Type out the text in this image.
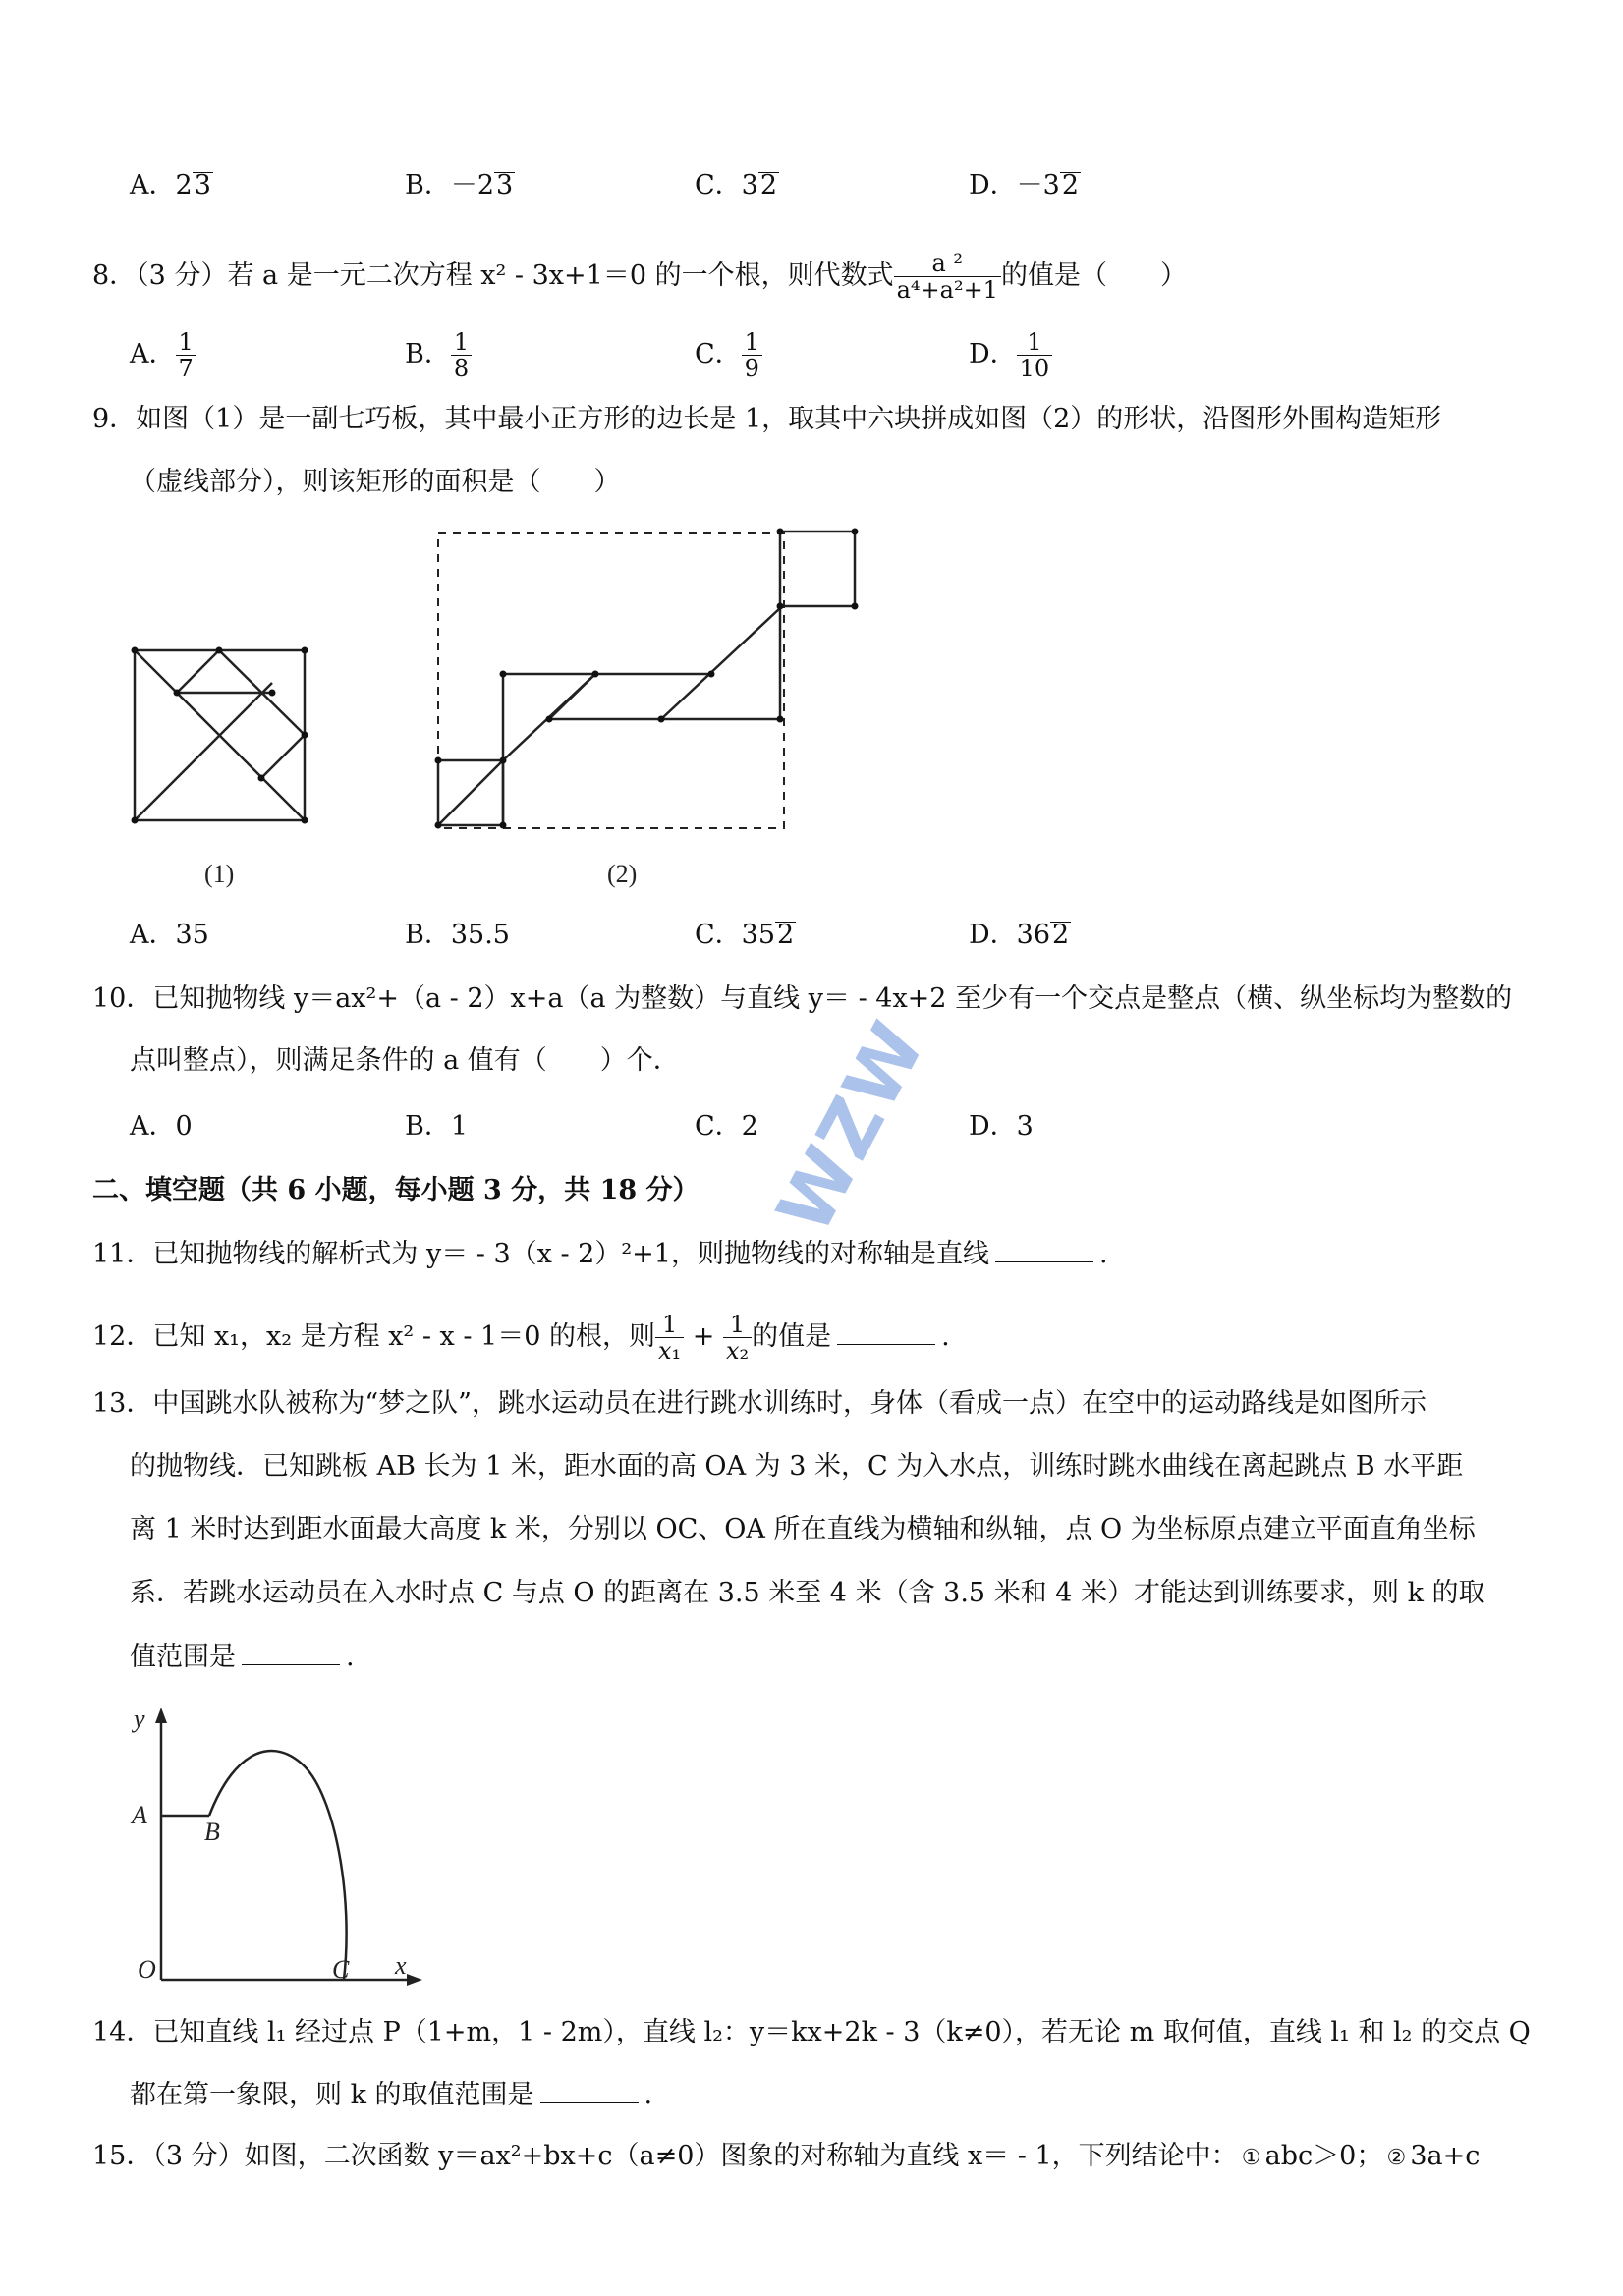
A．23	B．－23	C．32	D．－32
8．（3 分）若 a 是一元二次方程 x² - 3x+1＝0 的一个根，则代数式 $\frac{\text{a ²}}{\text{a⁴+a²+1}}$ 的值是（　　）
A． $\frac{1}{7}$	B． $\frac{1}{8}$	C． $\frac{1}{9}$	D． $\frac{1}{10}$
9．如图（1）是一副七巧板，其中最小正方形的边长是 1，取其中六块拼成如图（2）的形状，沿图形外围构造矩形
（虚线部分），则该矩形的面积是（　　）
(1)	(2)
A．35	B．35.5	C．352	D．362
10．已知抛物线 y＝ax²+（a - 2）x+a（a 为整数）与直线 y＝ - 4x+2 至少有一个交点是整点（横、纵坐标均为整数的
点叫整点），则满足条件的 a 值有（　　）个．
A．0	B．1	C．2	D．3
WZW
二、填空题（共 6 小题，每小题 3 分，共 18 分）
11．已知抛物线的解析式为 y＝ - 3（x - 2）²+1，则抛物线的对称轴是直线	.
12．已知 x₁，x₂ 是方程 x² - x - 1＝0 的根，则 $\frac{1}{\text{x₁}} + \frac{1}{\text{x₂}}$ 的值是	.
13．中国跳水队被称为“梦之队”，跳水运动员在进行跳水训练时，身体（看成一点）在空中的运动路线是如图所示
的抛物线．已知跳板 AB 长为 1 米，距水面的高 OA 为 3 米，C 为入水点，训练时跳水曲线在离起跳点 B 水平距
离 1 米时达到距水面最大高度 k 米，分别以 OC、OA 所在直线为横轴和纵轴，点 O 为坐标原点建立平面直角坐标
系．若跳水运动员在入水时点 C 与点 O 的距离在 3.5 米至 4 米（含 3.5 米和 4 米）才能达到训练要求，则 k 的取
值范围是	.
y
x
A
B
O	C
14．已知直线 l₁ 经过点 P（1+m，1 - 2m），直线 l₂：y＝kx+2k - 3（k≠0），若无论 m 取何值，直线 l₁ 和 l₂ 的交点 Q
都在第一象限，则 k 的取值范围是	.
15．（3 分）如图，二次函数 y＝ax²+bx+c（a≠0）图象的对称轴为直线 x＝ - 1，下列结论中： ① abc＞0； ② 3a+c
